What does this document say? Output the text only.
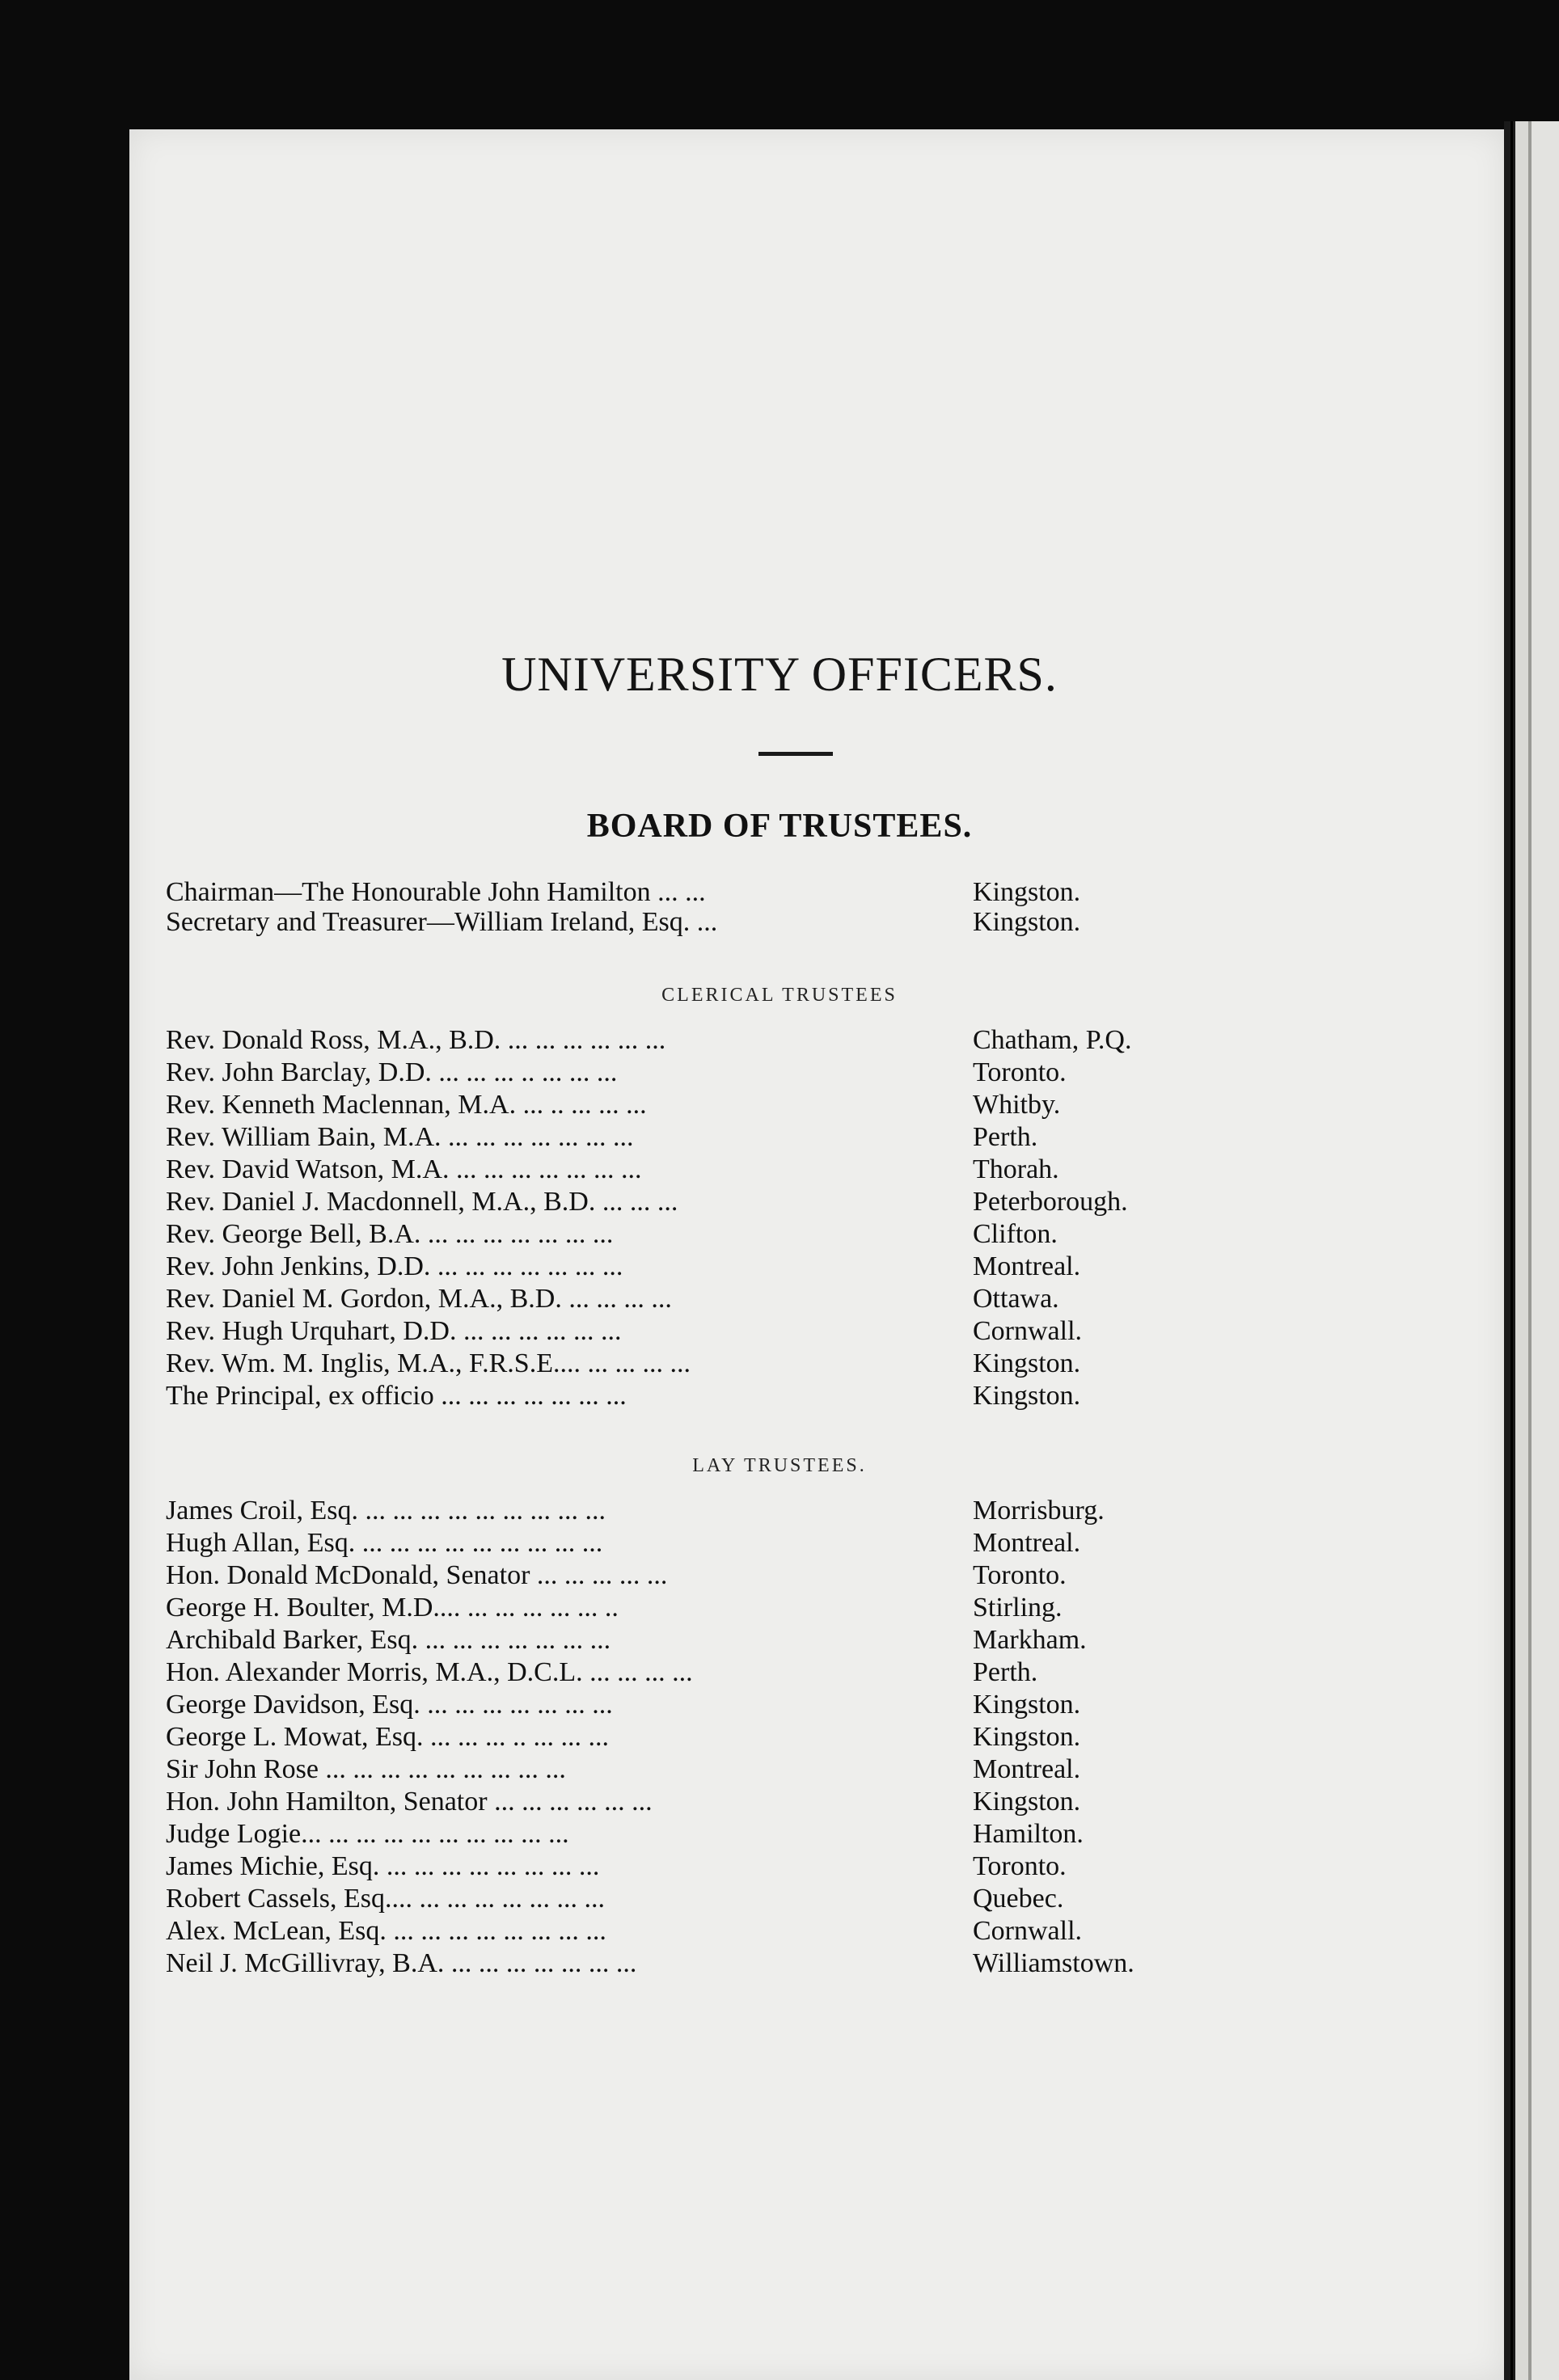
UNIVERSITY OFFICERS.
BOARD OF TRUSTEES.
Chairman—The Honourable John Hamilton ... ...	Kingston.
Secretary and Treasurer—William Ireland, Esq. ...	Kingston.
CLERICAL TRUSTEES
Rev. Donald Ross, M.A., B.D. ... ... ... ... ... ...	Chatham, P.Q.
Rev. John Barclay, D.D. ... ... ... .. ... ... ...	Toronto.
Rev. Kenneth Maclennan, M.A. ... .. ... ... ...	Whitby.
Rev. William Bain, M.A. ... ... ... ... ... ... ...	Perth.
Rev. David Watson, M.A. ... ... ... ... ... ... ...	Thorah.
Rev. Daniel J. Macdonnell, M.A., B.D. ... ... ...	Peterborough.
Rev. George Bell, B.A. ... ... ... ... ... ... ...	Clifton.
Rev. John Jenkins, D.D. ... ... ... ... ... ... ...	Montreal.
Rev. Daniel M. Gordon, M.A., B.D. ... ... ... ...	Ottawa.
Rev. Hugh Urquhart, D.D. ... ... ... ... ... ...	Cornwall.
Rev. Wm. M. Inglis, M.A., F.R.S.E.... ... ... ... ...	Kingston.
The Principal, ex officio ... ... ... ... ... ... ...	Kingston.
LAY TRUSTEES.
James Croil, Esq. ... ... ... ... ... ... ... ... ...	Morrisburg.
Hugh Allan, Esq. ... ... ... ... ... ... ... ... ...	Montreal.
Hon. Donald McDonald, Senator ... ... ... ... ...	Toronto.
George H. Boulter, M.D.... ... ... ... ... ... ..	Stirling.
Archibald Barker, Esq. ... ... ... ... ... ... ...	Markham.
Hon. Alexander Morris, M.A., D.C.L. ... ... ... ...	Perth.
George Davidson, Esq. ... ... ... ... ... ... ...	Kingston.
George L. Mowat, Esq. ... ... ... .. ... ... ...	Kingston.
Sir John Rose ... ... ... ... ... ... ... ... ...	Montreal.
Hon. John Hamilton, Senator ... ... ... ... ... ...	Kingston.
Judge Logie... ... ... ... ... ... ... ... ... ...	Hamilton.
James Michie, Esq. ... ... ... ... ... ... ... ...	Toronto.
Robert Cassels, Esq.... ... ... ... ... ... ... ...	Quebec.
Alex. McLean, Esq. ... ... ... ... ... ... ... ...	Cornwall.
Neil J. McGillivray, B.A. ... ... ... ... ... ... ...	Williamstown.
